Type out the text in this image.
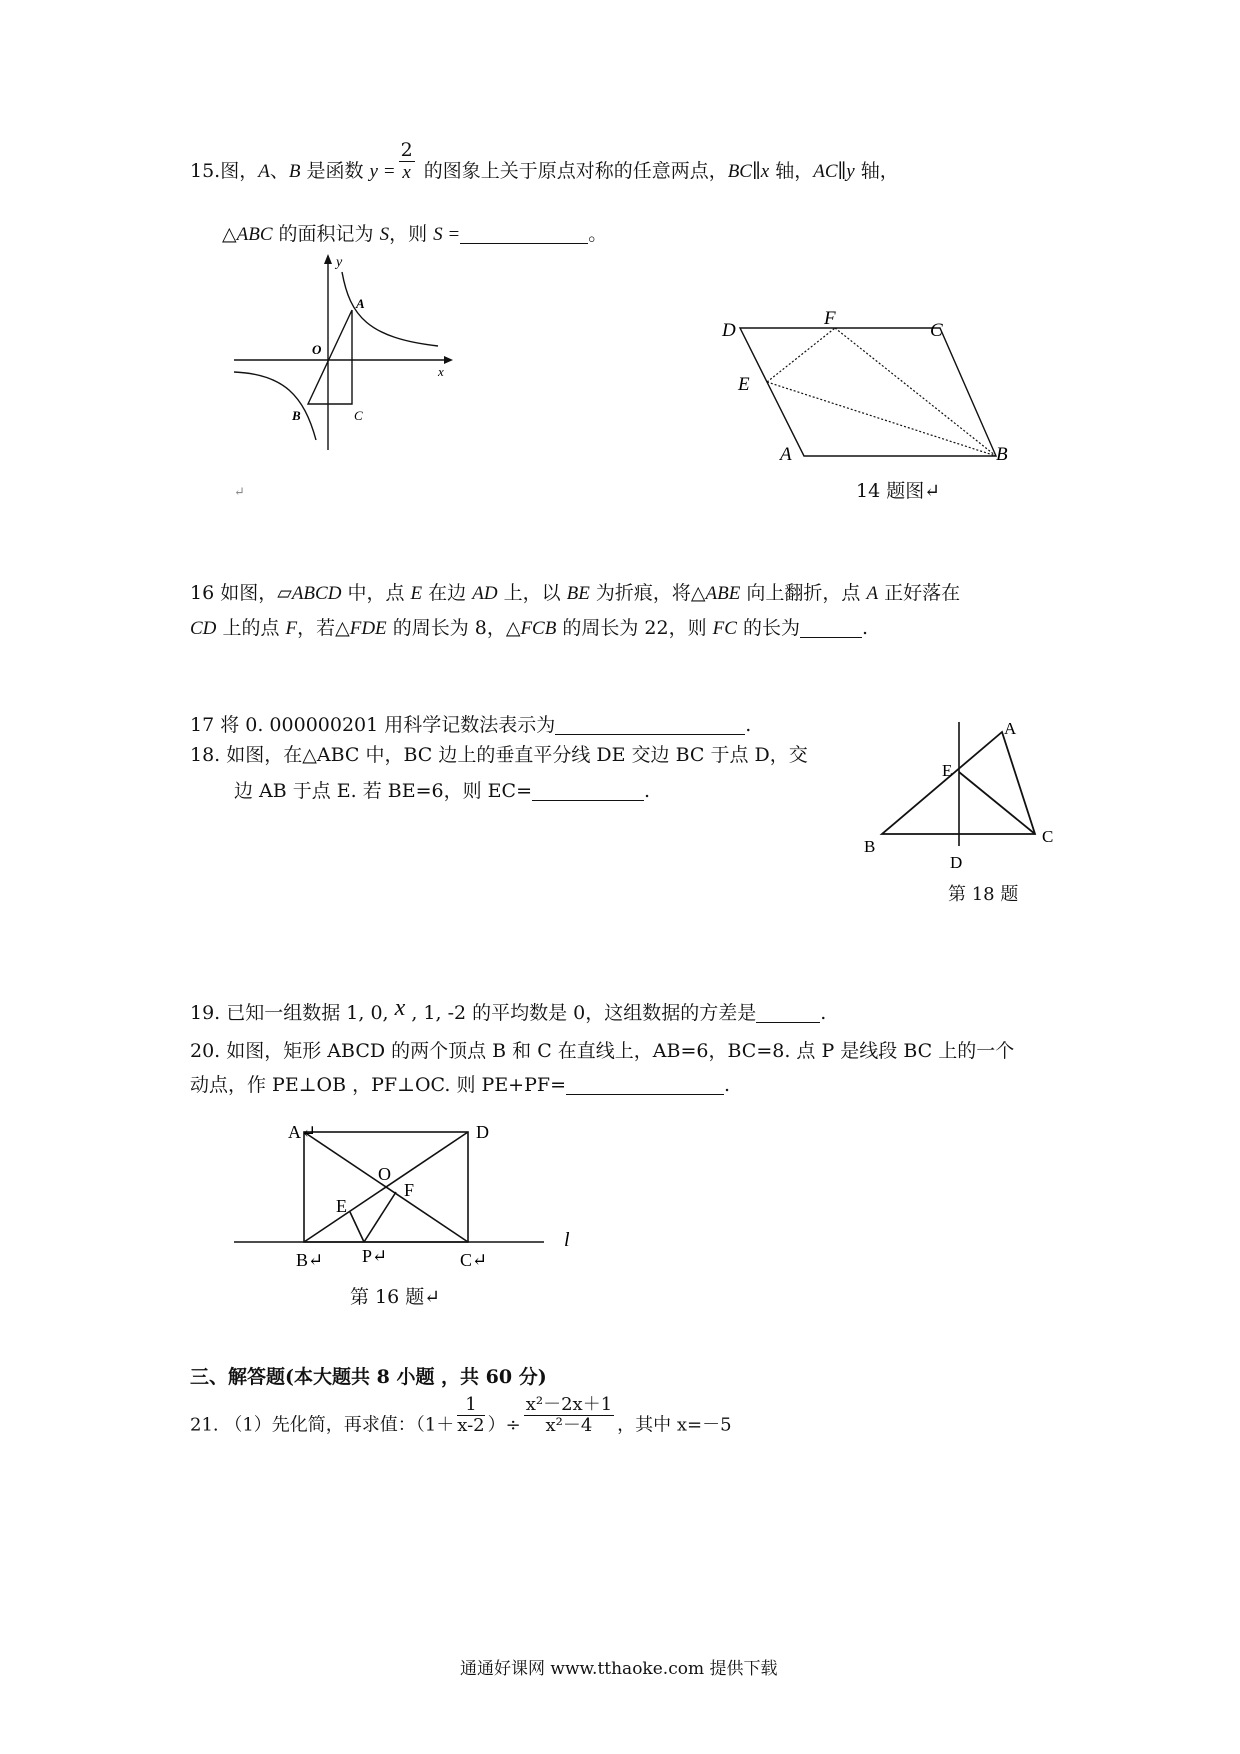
15.图，A、B 是函数 $y = \frac{2}{x}$ 的图象上关于原点对称的任意两点，BC∥x 轴，AC∥y 轴，
△ABC 的面积记为 S，则 S =	。
y
A
O
x
B	C
↵
D
F
C
E
A	B
14 题图↵
16 如图，▱ABCD 中，点 E 在边 AD 上，以 BE 为折痕，将△ABE 向上翻折，点 A 正好落在
CD 上的点 F，若△FDE 的周长为 8，△FCB 的周长为 22，则 FC 的长为	.
17 将 0. 000000201 用科学记数法表示为	.
18. 如图，在△ABC 中，BC 边上的垂直平分线 DE 交边 BC 于点 D，交
边 AB 于点 E. 若 BE=6，则 EC=	.
A
E
B
C
D
第 18 题
19. 已知一组数据 1, 0, x , 1, -2 的平均数是 0，这组数据的方差是	.
20. 如图，矩形 ABCD 的两个顶点 B 和 C 在直线上，AB=6，BC=8. 点 P 是线段 BC 上的一个
动点，作 PE⊥OB ，PF⊥OC. 则 PE+PF=	.
A↵	D
O
F
E
B↵ P↵	C↵
l
第 16 题↵
三、解答题(本大题共 8 小题 ，共 60 分)
21. （1）先化简，再求值：（$1+ \frac{1}{x-2}$ ）÷ $\frac{\text{x²－2x＋1}}{\text{x²－4}}$ ，其中 x=－5
通通好课网 www.tthaoke.com 提供下载
